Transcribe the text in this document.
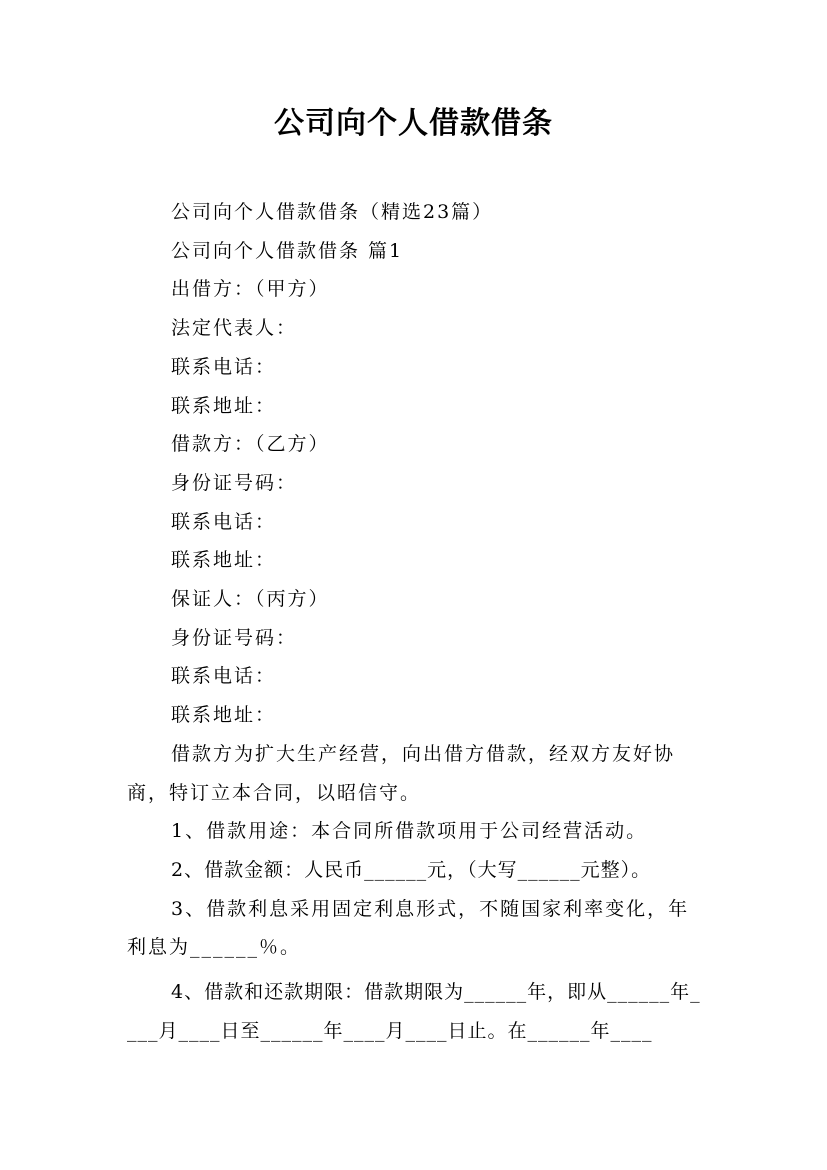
公司向个人借款借条

公司向个人借款借条（精选23篇）

公司向个人借款借条 篇1

出借方：（甲方）

法定代表人：

联系电话：

联系地址：

借款方：（乙方）

身份证号码：

联系电话：

联系地址：

保证人：（丙方）

身份证号码：

联系电话：

联系地址：

借款方为扩大生产经营，向出借方借款，经双方友好协商，特订立本合同，以昭信守。

1、借款用途：本合同所借款项用于公司经营活动。

2、借款金额：人民币______元，（大写______元整）。

3、借款利息采用固定利息形式，不随国家利率变化，年利息为______％。

4、借款和还款期限：借款期限为______年，即从______年____月____日至______年____月____日止。在______年____
